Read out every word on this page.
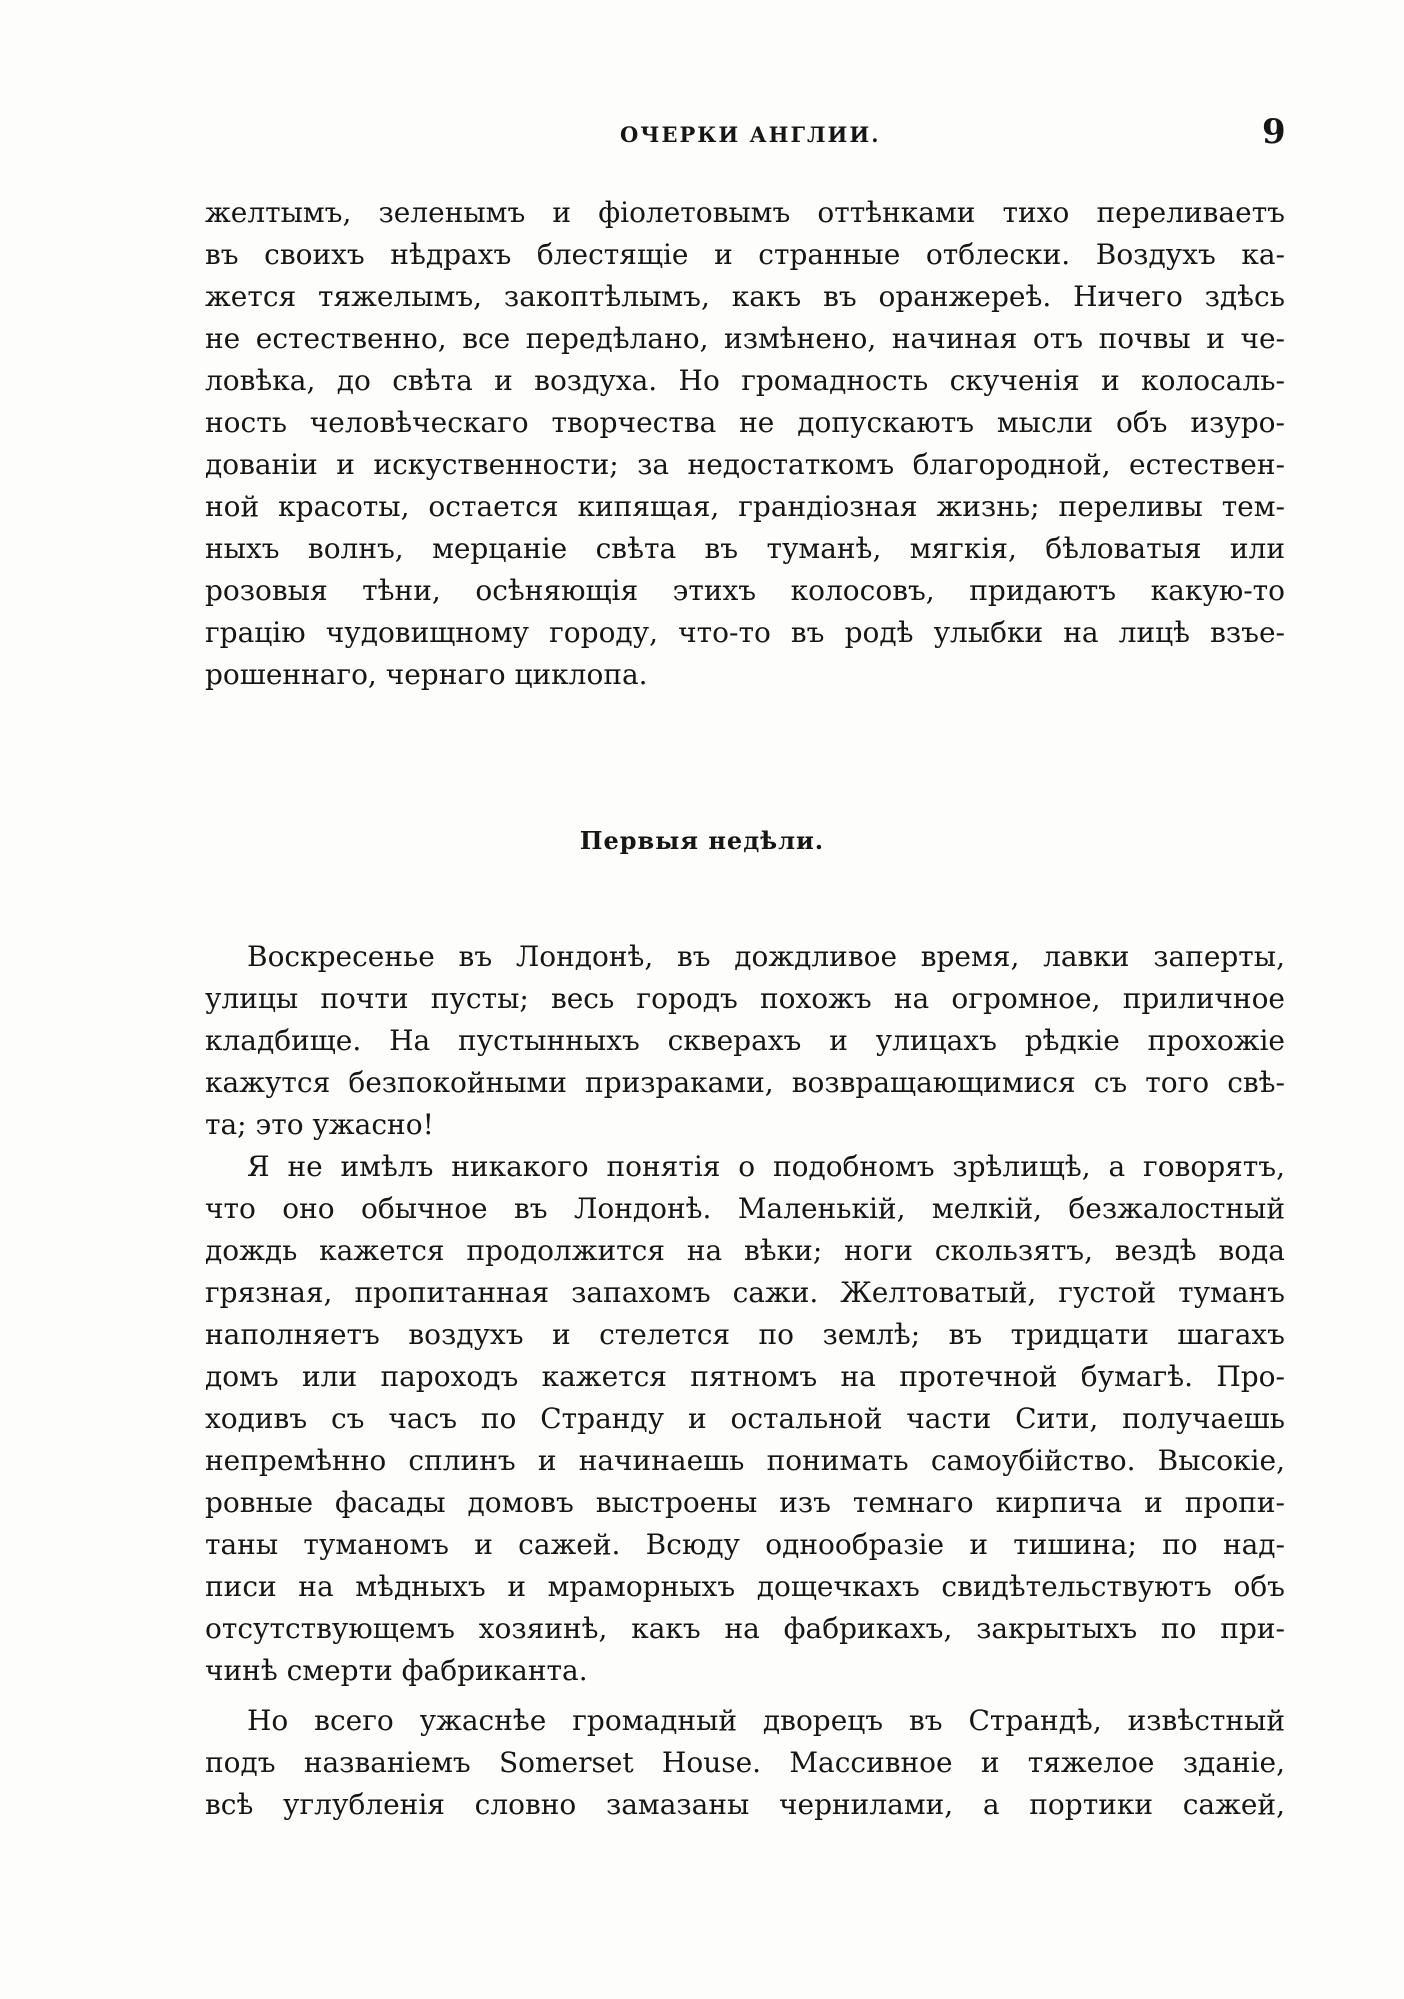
ОЧЕРКИ АНГЛИИ.	9
желтымъ, зеленымъ и фіолетовымъ оттѣнками тихо переливаетъ
въ своихъ нѣдрахъ блестящіе и странные отблески. Воздухъ ка-
жется тяжелымъ, закоптѣлымъ, какъ въ оранжереѣ. Ничего здѣсь
не естественно, все передѣлано, измѣнено, начиная отъ почвы и че-
ловѣка, до свѣта и воздуха. Но громадность скученія и колосаль-
ность человѣческаго творчества не допускаютъ мысли объ изуро-
дованіи и искуственности; за недостаткомъ благородной, естествен-
ной красоты, остается кипящая, грандіозная жизнь; переливы тем-
ныхъ волнъ, мерцаніе свѣта въ туманѣ, мягкія, бѣловатыя или
розовыя тѣни, осѣняющія этихъ колосовъ, придаютъ какую-то
грацію чудовищному городу, что-то въ родѣ улыбки на лицѣ взъе-
рошеннаго, чернаго циклопа.
Первыя недѣли.
Воскресенье въ Лондонѣ, въ дождливое время, лавки заперты,
улицы почти пусты; весь городъ похожъ на огромное, приличное
кладбище. На пустынныхъ скверахъ и улицахъ рѣдкіе прохожіе
кажутся безпокойными призраками, возвращающимися съ того свѣ-
та; это ужасно!
Я не имѣлъ никакого понятія о подобномъ зрѣлищѣ, а говорятъ,
что оно обычное въ Лондонѣ. Маленькій, мелкій, безжалостный
дождь кажется продолжится на вѣки; ноги скользятъ, вездѣ вода
грязная, пропитанная запахомъ сажи. Желтоватый, густой туманъ
наполняетъ воздухъ и стелется по землѣ; въ тридцати шагахъ
домъ или пароходъ кажется пятномъ на протечной бумагѣ. Про-
ходивъ съ часъ по Странду и остальной части Сити, получаешь
непремѣнно сплинъ и начинаешь понимать самоубійство. Высокіе,
ровные фасады домовъ выстроены изъ темнаго кирпича и пропи-
таны туманомъ и сажей. Всюду однообразіе и тишина; по над-
писи на мѣдныхъ и мраморныхъ дощечкахъ свидѣтельствуютъ объ
отсутствующемъ хозяинѣ, какъ на фабрикахъ, закрытыхъ по при-
чинѣ смерти фабриканта.
Но всего ужаснѣе громадный дворецъ въ Страндѣ, извѣстный
подъ названіемъ Somerset House. Массивное и тяжелое зданіе,
всѣ углубленія словно замазаны чернилами, а портики сажей,
